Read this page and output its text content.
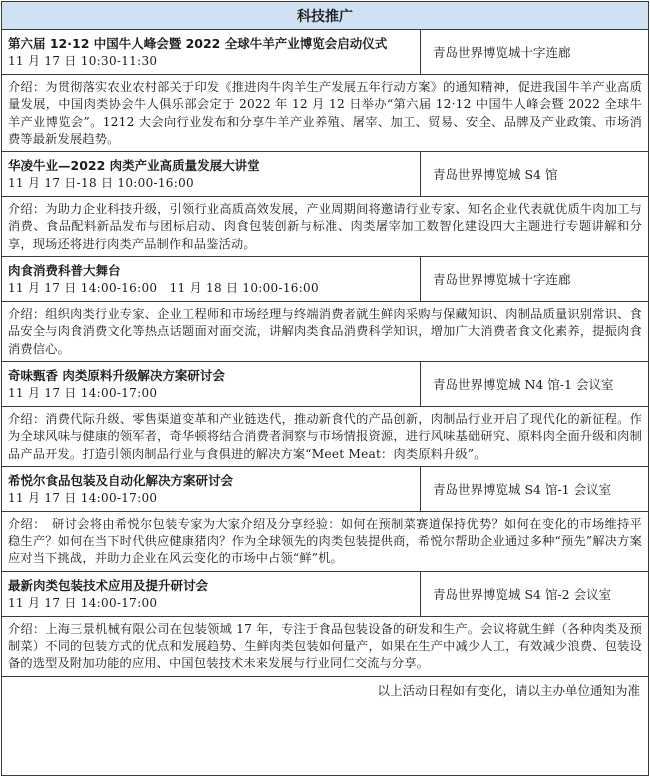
科技推广
第六届 12·12 中国牛人峰会暨 2022 全球牛羊产业博览会启动仪式
11 月 17 日 10:30-11:30
青岛世界博览城十字连廊
介绍：为贯彻落实农业农村部关于印发《推进肉牛肉羊生产发展五年行动方案》的通知精神，促进我国牛羊产业高质量发展，中国肉类协会牛人俱乐部会定于 2022 年 12 月 12 日举办“第六届 12·12 中国牛人峰会暨 2022 全球牛羊产业博览会”。1212 大会向行业发布和分享牛羊产业养殖、屠宰、加工、贸易、安全、品牌及产业政策、市场消费等最新发展趋势。
华凌牛业—2022 肉类产业高质量发展大讲堂
11 月 17 日-18 日 10:00-16:00
青岛世界博览城 S4 馆
介绍：为助力企业科技升级，引领行业高质高效发展，产业周期间将邀请行业专家、知名企业代表就优质牛肉加工与消费、食品配料新品发布与团标启动、肉食包装创新与标准、肉类屠宰加工数智化建设四大主题进行专题讲解和分享，现场还将进行肉类产品制作和品鉴活动。
肉食消费科普大舞台
11 月 17 日 14:00-16:00　11 月 18 日 10:00-16:00
青岛世界博览城十字连廊
介绍：组织肉类行业专家、企业工程师和市场经理与终端消费者就生鲜肉采购与保藏知识、肉制品质量识别常识、食品安全与肉食消费文化等热点话题面对面交流，讲解肉类食品消费科学知识，增加广大消费者食文化素养，提振肉食消费信心。
奇味甄香 肉类原料升级解决方案研讨会
11 月 17 日 14:00-17:00
青岛世界博览城 N4 馆-1 会议室
介绍：消费代际升级、零售渠道变革和产业链迭代，推动新食代的产品创新，肉制品行业开启了现代化的新征程。作为全球风味与健康的领军者，奇华顿将结合消费者洞察与市场情报资源，进行风味基础研究、原料肉全面升级和肉制品产品开发。打造引领肉制品行业与食俱进的解决方案“Meet Meat：肉类原料升级”。
希悦尔食品包装及自动化解决方案研讨会
11 月 17 日 14:00-17:00
青岛世界博览城 S4 馆-1 会议室
介绍：　研讨会将由希悦尔包装专家为大家介绍及分享经验：如何在预制菜赛道保持优势？如何在变化的市场维持平稳生产？如何在当下时代供应健康猪肉？作为全球领先的肉类包装提供商，希悦尔帮助企业通过多种“预先”解决方案应对当下挑战，并助力企业在风云变化的市场中占领“鲜”机。
最新肉类包装技术应用及提升研讨会
11 月 17 日 14:00-17:00
青岛世界博览城 S4 馆-2 会议室
介绍：上海三景机械有限公司在包装领域 17 年，专注于食品包装设备的研发和生产。会议将就生鲜（各种肉类及预制菜）不同的包装方式的优点和发展趋势、生鲜肉类包装如何量产，如果在生产中减少人工，有效减少浪费、包装设备的选型及附加功能的应用、中国包装技术未来发展与行业同仁交流与分享。
以上活动日程如有变化，请以主办单位通知为准
